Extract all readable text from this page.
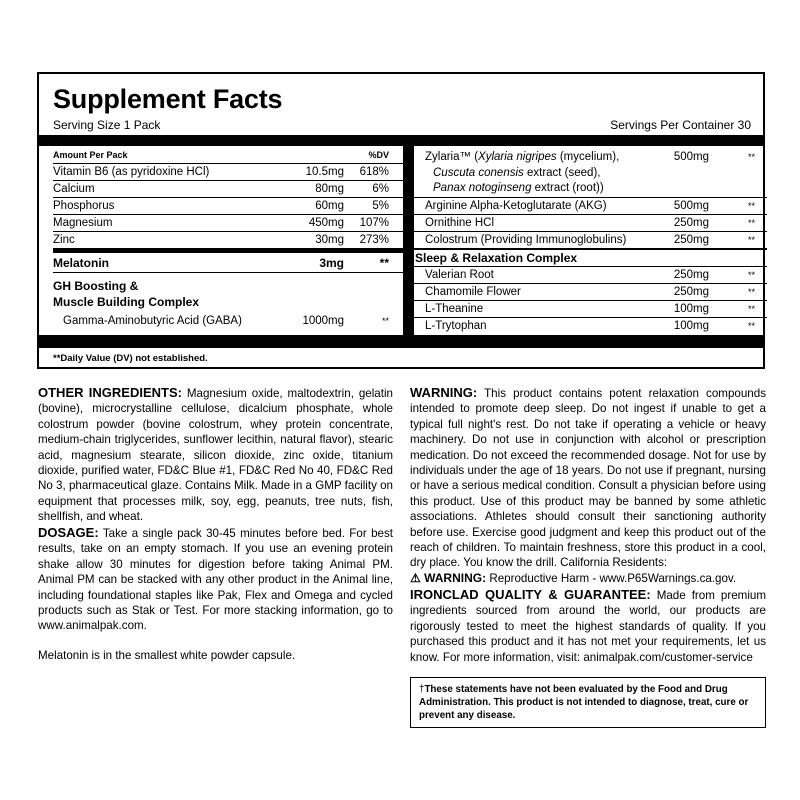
Supplement Facts
Serving Size 1 Pack	Servings Per Container 30
Amount Per Pack	%DV
Vitamin B6 (as pyridoxine HCl)	10.5mg	618%
Calcium	80mg	6%
Phosphorus	60mg	5%
Magnesium	450mg	107%
Zinc	30mg	273%
Melatonin	3mg	**
GH Boosting &
Muscle Building Complex
Gamma-Aminobutyric Acid (GABA)	1000mg	**
Zylaria™ (Xylaria nigripes (mycelium),
Cuscuta conensis extract (seed),
Panax notoginseng extract (root))
500mg	**
Arginine Alpha-Ketoglutarate (AKG)	500mg	**
Ornithine HCl	250mg	**
Colostrum (Providing Immunoglobulins)	250mg	**
Sleep & Relaxation Complex
Valerian Root	250mg	**
Chamomile Flower	250mg	**
L-Theanine	100mg	**
L-Trytophan	100mg	**
**Daily Value (DV) not established.

OTHER INGREDIENTS: Magnesium oxide, maltodextrin, gelatin (bovine), microcrystalline cellulose, dicalcium phosphate, whole colostrum powder (bovine colostrum, whey protein concentrate, medium-chain triglycerides, sunflower lecithin, natural flavor), stearic acid, magnesium stearate, silicon dioxide, zinc oxide, titanium dioxide, purified water, FD&C Blue #1, FD&C Red No 40, FD&C Red No 3, pharmaceutical glaze. Contains Milk. Made in a GMP facility on equipment that processes milk, soy, egg, peanuts, tree nuts, fish, shellfish, and wheat.

DOSAGE: Take a single pack 30-45 minutes before bed. For best results, take on an empty stomach. If you use an evening protein shake allow 30 minutes for digestion before taking Animal PM. Animal PM can be stacked with any other product in the Animal line, including foundational staples like Pak, Flex and Omega and cycled products such as Stak or Test. For more stacking information, go to www.animalpak.com.

Melatonin is in the smallest white powder capsule.

WARNING: This product contains potent relaxation compounds intended to promote deep sleep. Do not ingest if unable to get a typical full night's rest. Do not take if operating a vehicle or heavy machinery. Do not use in conjunction with alcohol or prescription medication. Do not exceed the recommended dosage. Not for use by individuals under the age of 18 years. Do not use if pregnant, nursing or have a serious medical condition. Consult a physician before using this product. Use of this product may be banned by some athletic associations. Athletes should consult their sanctioning authority before use. Exercise good judgment and keep this product out of the reach of children. To maintain freshness, store this product in a cool, dry place. You know the drill. California Residents:

⚠ WARNING: Reproductive Harm - www.P65Warnings.ca.gov.

IRONCLAD QUALITY & GUARANTEE: Made from premium ingredients sourced from around the world, our products are rigorously tested to meet the highest standards of quality. If you purchased this product and it has not met your requirements, let us know. For more information, visit: animalpak.com/customer-service

†These statements have not been evaluated by the Food and Drug Administration. This product is not intended to diagnose, treat, cure or prevent any disease.
